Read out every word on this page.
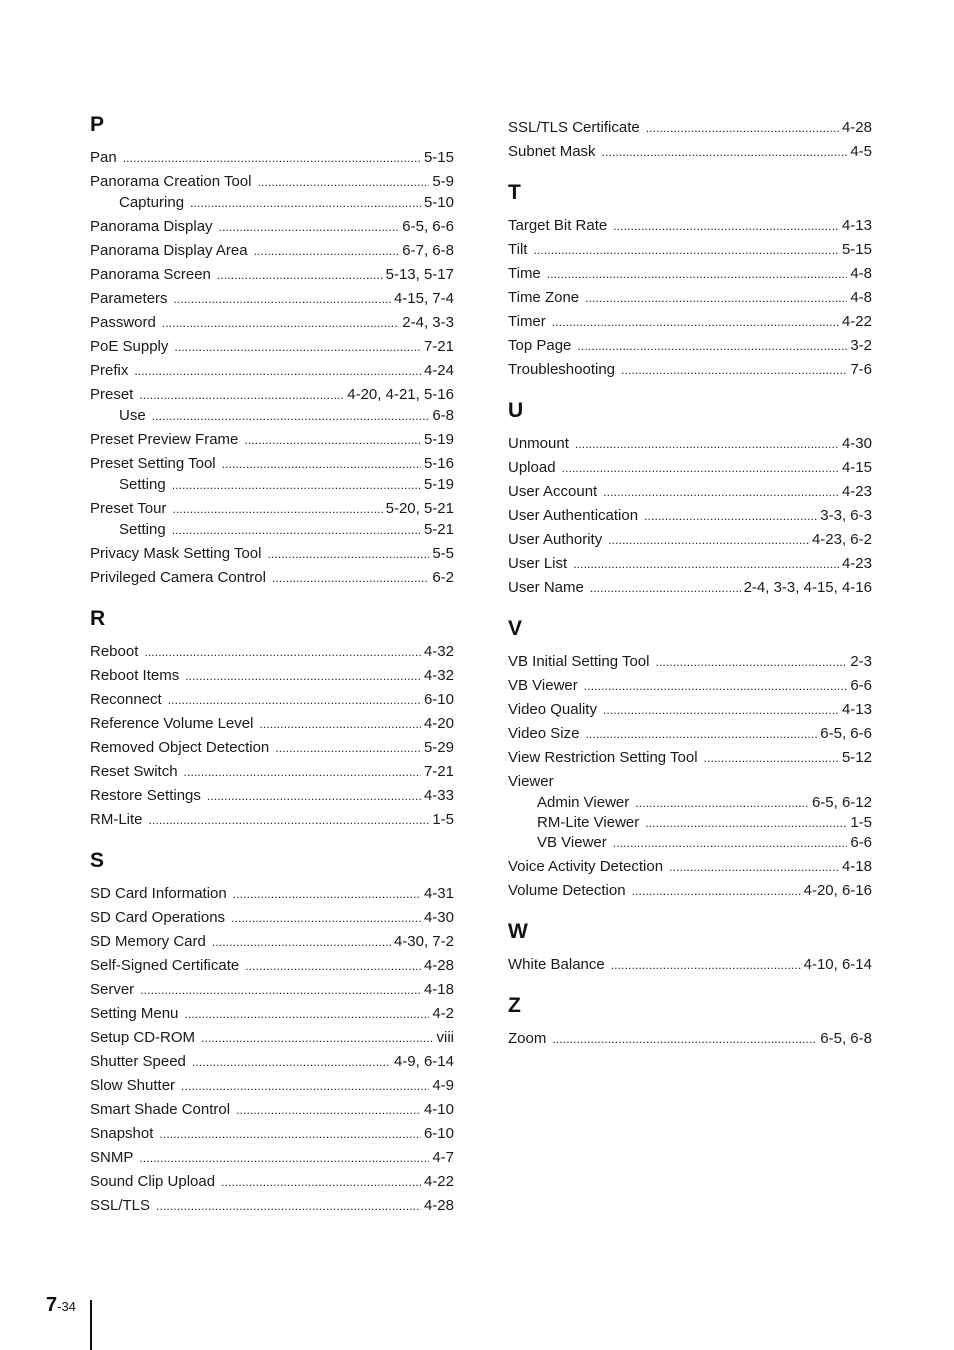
P
Pan . . .	5-15
Panorama Creation Tool . . .	5-9
Capturing . . .	5-10
Panorama Display . . .	6-5, 6-6
Panorama Display Area . . .	6-7, 6-8
Panorama Screen . . .	5-13, 5-17
Parameters . . .	4-15, 7-4
Password . . .	2-4, 3-3
PoE Supply . . .	7-21
Prefix . . .	4-24
Preset . . .	4-20, 4-21, 5-16
Use . . .	6-8
Preset Preview Frame . . .	5-19
Preset Setting Tool . . .	5-16
Setting . . .	5-19
Preset Tour . . .	5-20, 5-21
Setting . . .	5-21
Privacy Mask Setting Tool . . .	5-5
Privileged Camera Control . . .	6-2
R
Reboot . . .	4-32
Reboot Items . . .	4-32
Reconnect . . .	6-10
Reference Volume Level . . .	4-20
Removed Object Detection . . .	5-29
Reset Switch . . .	7-21
Restore Settings . . .	4-33
RM-Lite . . .	1-5
S
SD Card Information . . .	4-31
SD Card Operations . . .	4-30
SD Memory Card . . .	4-30, 7-2
Self-Signed Certificate . . .	4-28
Server . . .	4-18
Setting Menu . . .	4-2
Setup CD-ROM . . .	viii
Shutter Speed . . .	4-9, 6-14
Slow Shutter . . .	4-9
Smart Shade Control . . .	4-10
Snapshot . . .	6-10
SNMP . . .	4-7
Sound Clip Upload . . .	4-22
SSL/TLS . . .	4-28
SSL/TLS Certificate . . .	4-28
Subnet Mask . . .	4-5
T
Target Bit Rate . . .	4-13
Tilt . . .	5-15
Time . . .	4-8
Time Zone . . .	4-8
Timer . . .	4-22
Top Page . . .	3-2
Troubleshooting . . .	7-6
U
Unmount . . .	4-30
Upload . . .	4-15
User Account . . .	4-23
User Authentication . . .	3-3, 6-3
User Authority . . .	4-23, 6-2
User List . . .	4-23
User Name . . .	2-4, 3-3, 4-15, 4-16
V
VB Initial Setting Tool . . .	2-3
VB Viewer . . .	6-6
Video Quality . . .	4-13
Video Size . . .	6-5, 6-6
View Restriction Setting Tool . . .	5-12
Viewer
Admin Viewer . . .	6-5, 6-12
RM-Lite Viewer . . .	1-5
VB Viewer . . .	6-6
Voice Activity Detection . . .	4-18
Volume Detection . . .	4-20, 6-16
W
White Balance . . .	4-10, 6-14
Z
Zoom . . .	6-5, 6-8
7-34
